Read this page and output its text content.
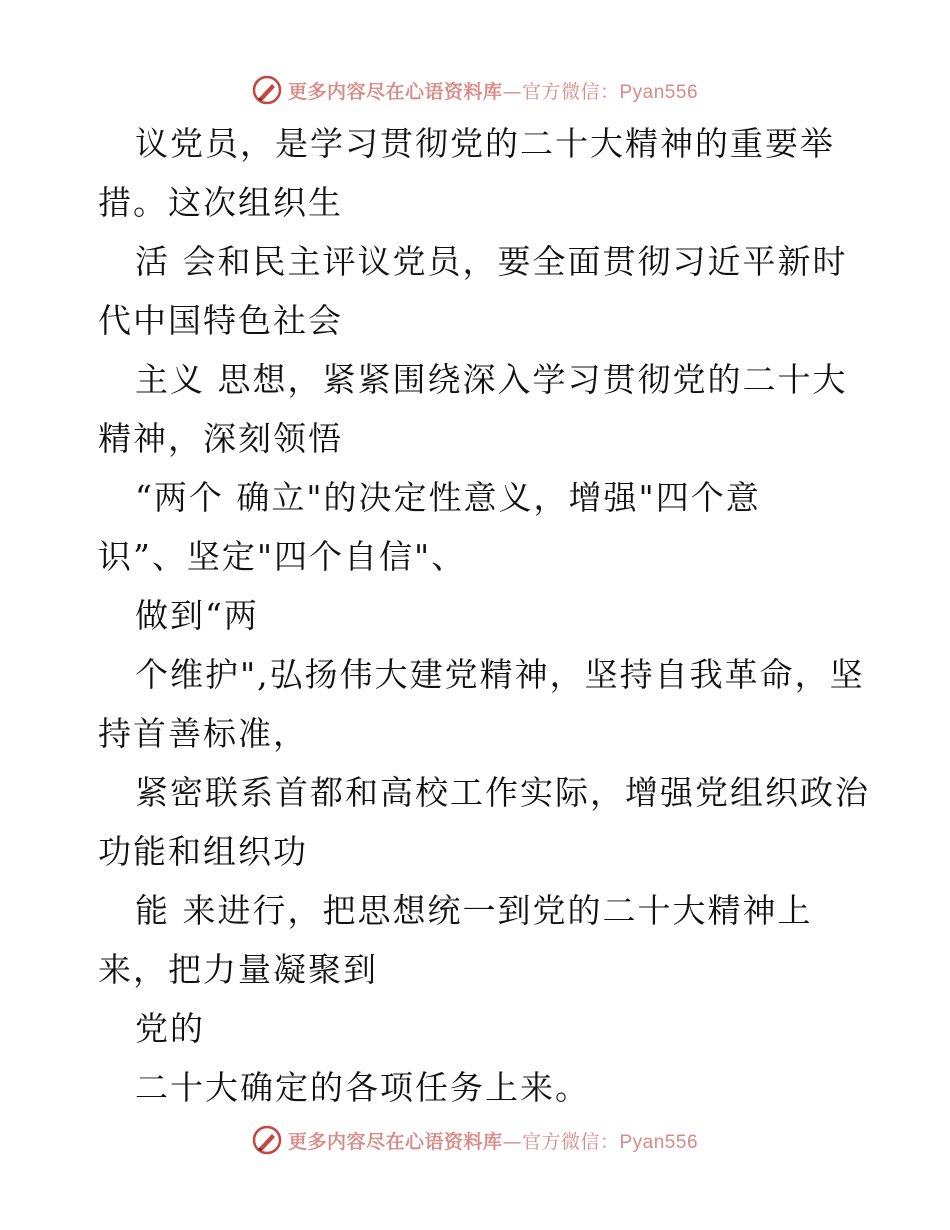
更多内容尽在心语资料库—官方微信：Pyan556
议党员，是学习贯彻党的二十大精神的重要举
措。这次组织生
活 会和民主评议党员，要全面贯彻习近平新时
代中国特色社会
主义 思想，紧紧围绕深入学习贯彻党的二十大
精神，深刻领悟
“两个 确立"的决定性意义，增强"四个意
识”、坚定"四个自信"、
做到“两
个维护",弘扬伟大建党精神，坚持自我革命，坚
持首善标准，
紧密联系首都和高校工作实际，增强党组织政治
功能和组织功
能 来进行，把思想统一到党的二十大精神上
来，把力量凝聚到
党的
二十大确定的各项任务上来。
更多内容尽在心语资料库—官方微信：Pyan556
